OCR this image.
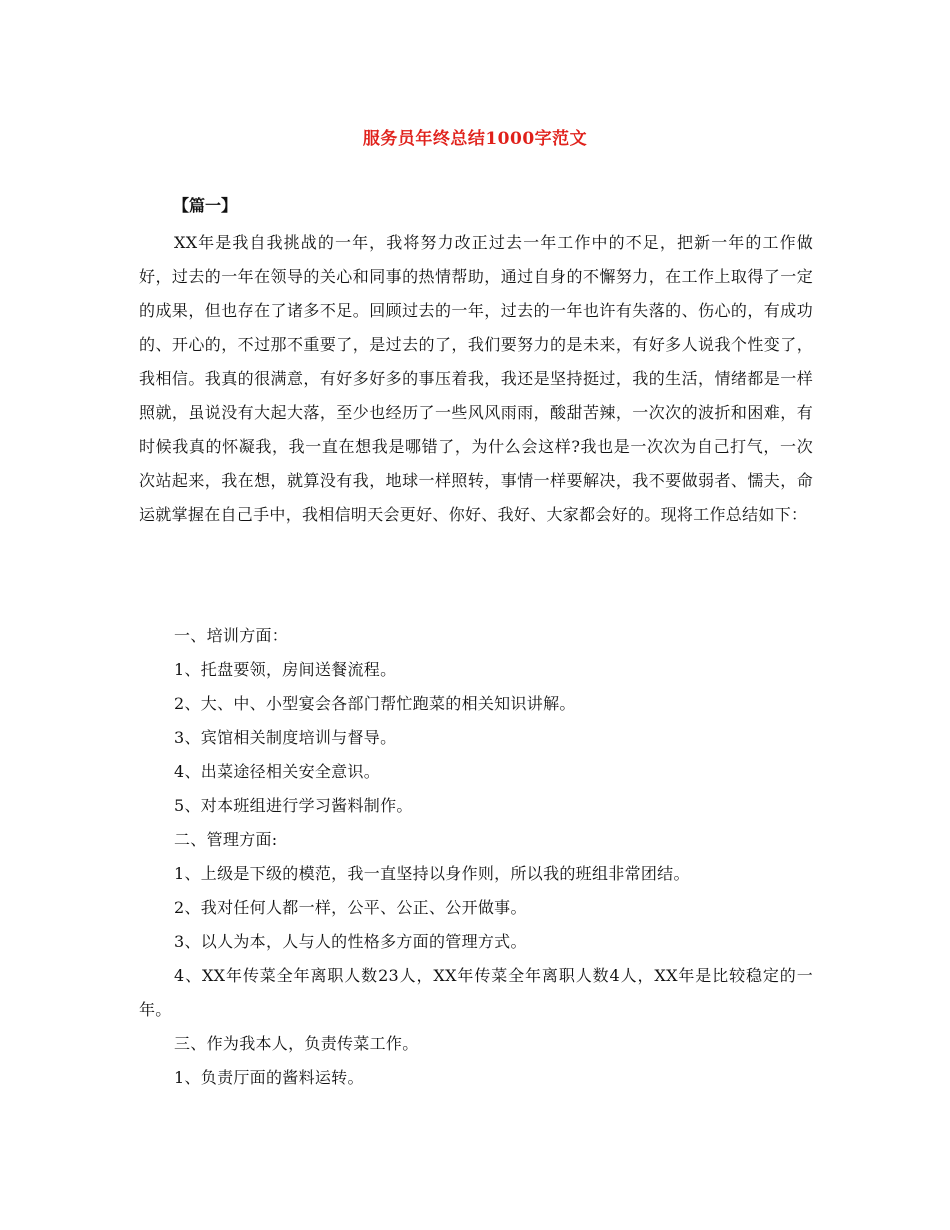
服务员年终总结1000字范文
【篇一】

XX年是我自我挑战的一年，我将努力改正过去一年工作中的不足，把新一年的工作做好，过去的一年在领导的关心和同事的热情帮助，通过自身的不懈努力，在工作上取得了一定的成果，但也存在了诸多不足。回顾过去的一年，过去的一年也许有失落的、伤心的，有成功的、开心的，不过那不重要了，是过去的了，我们要努力的是未来，有好多人说我个性变了，我相信。我真的很满意，有好多好多的事压着我，我还是坚持挺过，我的生活，情绪都是一样照就，虽说没有大起大落，至少也经历了一些风风雨雨，酸甜苦辣，一次次的波折和困难，有时候我真的怀凝我，我一直在想我是哪错了，为什么会这样?我也是一次次为自己打气，一次次站起来，我在想，就算没有我，地球一样照转，事情一样要解决，我不要做弱者、懦夫，命运就掌握在自己手中，我相信明天会更好、你好、我好、大家都会好的。现将工作总结如下：

一、培训方面：

1、托盘要领，房间送餐流程。

2、大、中、小型宴会各部门帮忙跑菜的相关知识讲解。

3、宾馆相关制度培训与督导。

4、出菜途径相关安全意识。

5、对本班组进行学习酱料制作。

二、管理方面:

1、上级是下级的模范，我一直坚持以身作则，所以我的班组非常团结。

2、我对任何人都一样，公平、公正、公开做事。

3、以人为本，人与人的性格多方面的管理方式。

4、XX年传菜全年离职人数23人，XX年传菜全年离职人数4人，XX年是比较稳定的一年。

三、作为我本人，负责传菜工作。

1、负责厅面的酱料运转。
